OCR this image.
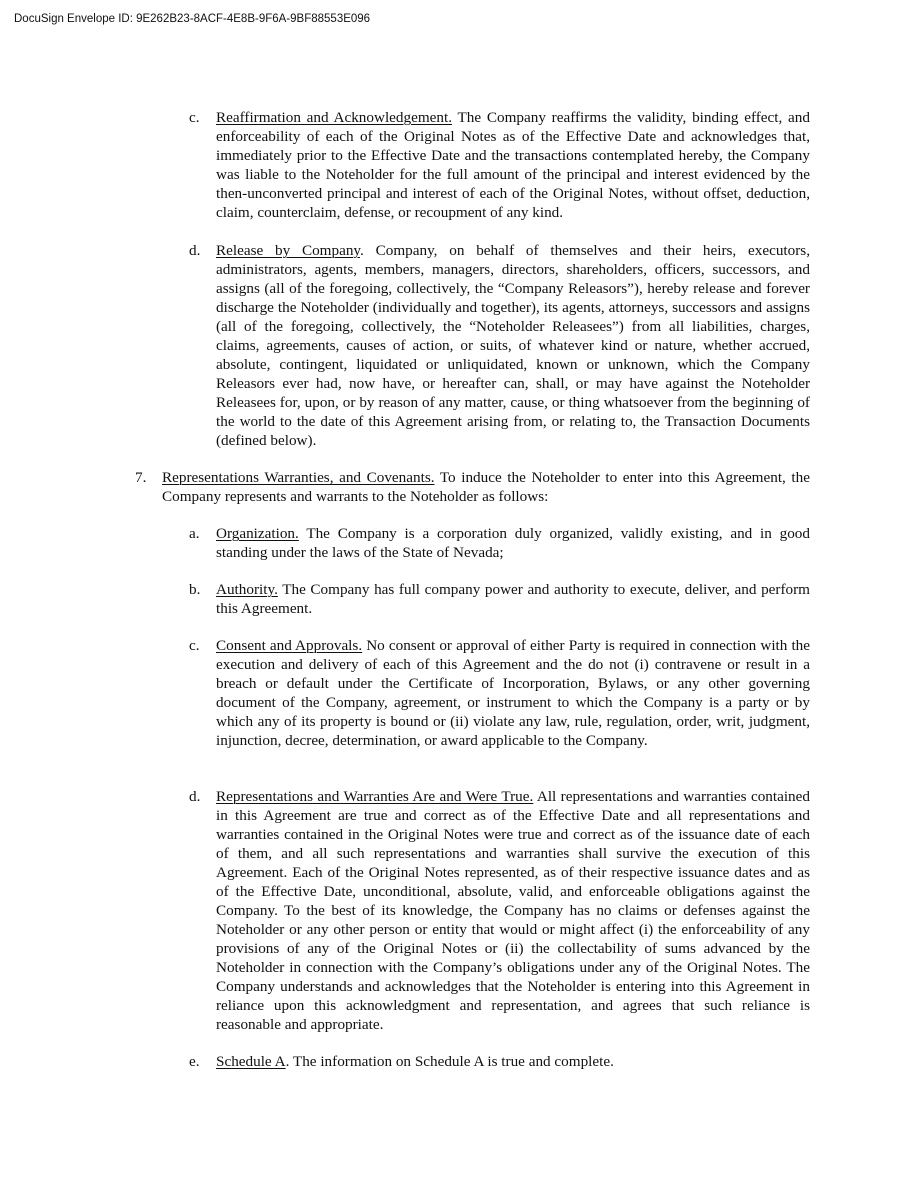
DocuSign Envelope ID: 9E262B23-8ACF-4E8B-9F6A-9BF88553E096
c. Reaffirmation and Acknowledgement. The Company reaffirms the validity, binding effect, and enforceability of each of the Original Notes as of the Effective Date and acknowledges that, immediately prior to the Effective Date and the transactions contemplated hereby, the Company was liable to the Noteholder for the full amount of the principal and interest evidenced by the then-unconverted principal and interest of each of the Original Notes, without offset, deduction, claim, counterclaim, defense, or recoupment of any kind.
d. Release by Company. Company, on behalf of themselves and their heirs, executors, administrators, agents, members, managers, directors, shareholders, officers, successors, and assigns (all of the foregoing, collectively, the “Company Releasors”), hereby release and forever discharge the Noteholder (individually and together), its agents, attorneys, successors and assigns (all of the foregoing, collectively, the “Noteholder Releasees”) from all liabilities, charges, claims, agreements, causes of action, or suits, of whatever kind or nature, whether accrued, absolute, contingent, liquidated or unliquidated, known or unknown, which the Company Releasors ever had, now have, or hereafter can, shall, or may have against the Noteholder Releasees for, upon, or by reason of any matter, cause, or thing whatsoever from the beginning of the world to the date of this Agreement arising from, or relating to, the Transaction Documents (defined below).
7. Representations Warranties, and Covenants. To induce the Noteholder to enter into this Agreement, the Company represents and warrants to the Noteholder as follows:
a. Organization. The Company is a corporation duly organized, validly existing, and in good standing under the laws of the State of Nevada;
b. Authority. The Company has full company power and authority to execute, deliver, and perform this Agreement.
c. Consent and Approvals. No consent or approval of either Party is required in connection with the execution and delivery of each of this Agreement and the do not (i) contravene or result in a breach or default under the Certificate of Incorporation, Bylaws, or any other governing document of the Company, agreement, or instrument to which the Company is a party or by which any of its property is bound or (ii) violate any law, rule, regulation, order, writ, judgment, injunction, decree, determination, or award applicable to the Company.
d. Representations and Warranties Are and Were True. All representations and warranties contained in this Agreement are true and correct as of the Effective Date and all representations and warranties contained in the Original Notes were true and correct as of the issuance date of each of them, and all such representations and warranties shall survive the execution of this Agreement. Each of the Original Notes represented, as of their respective issuance dates and as of the Effective Date, unconditional, absolute, valid, and enforceable obligations against the Company. To the best of its knowledge, the Company has no claims or defenses against the Noteholder or any other person or entity that would or might affect (i) the enforceability of any provisions of any of the Original Notes or (ii) the collectability of sums advanced by the Noteholder in connection with the Company’s obligations under any of the Original Notes. The Company understands and acknowledges that the Noteholder is entering into this Agreement in reliance upon this acknowledgment and representation, and agrees that such reliance is reasonable and appropriate.
e. Schedule A. The information on Schedule A is true and complete.
